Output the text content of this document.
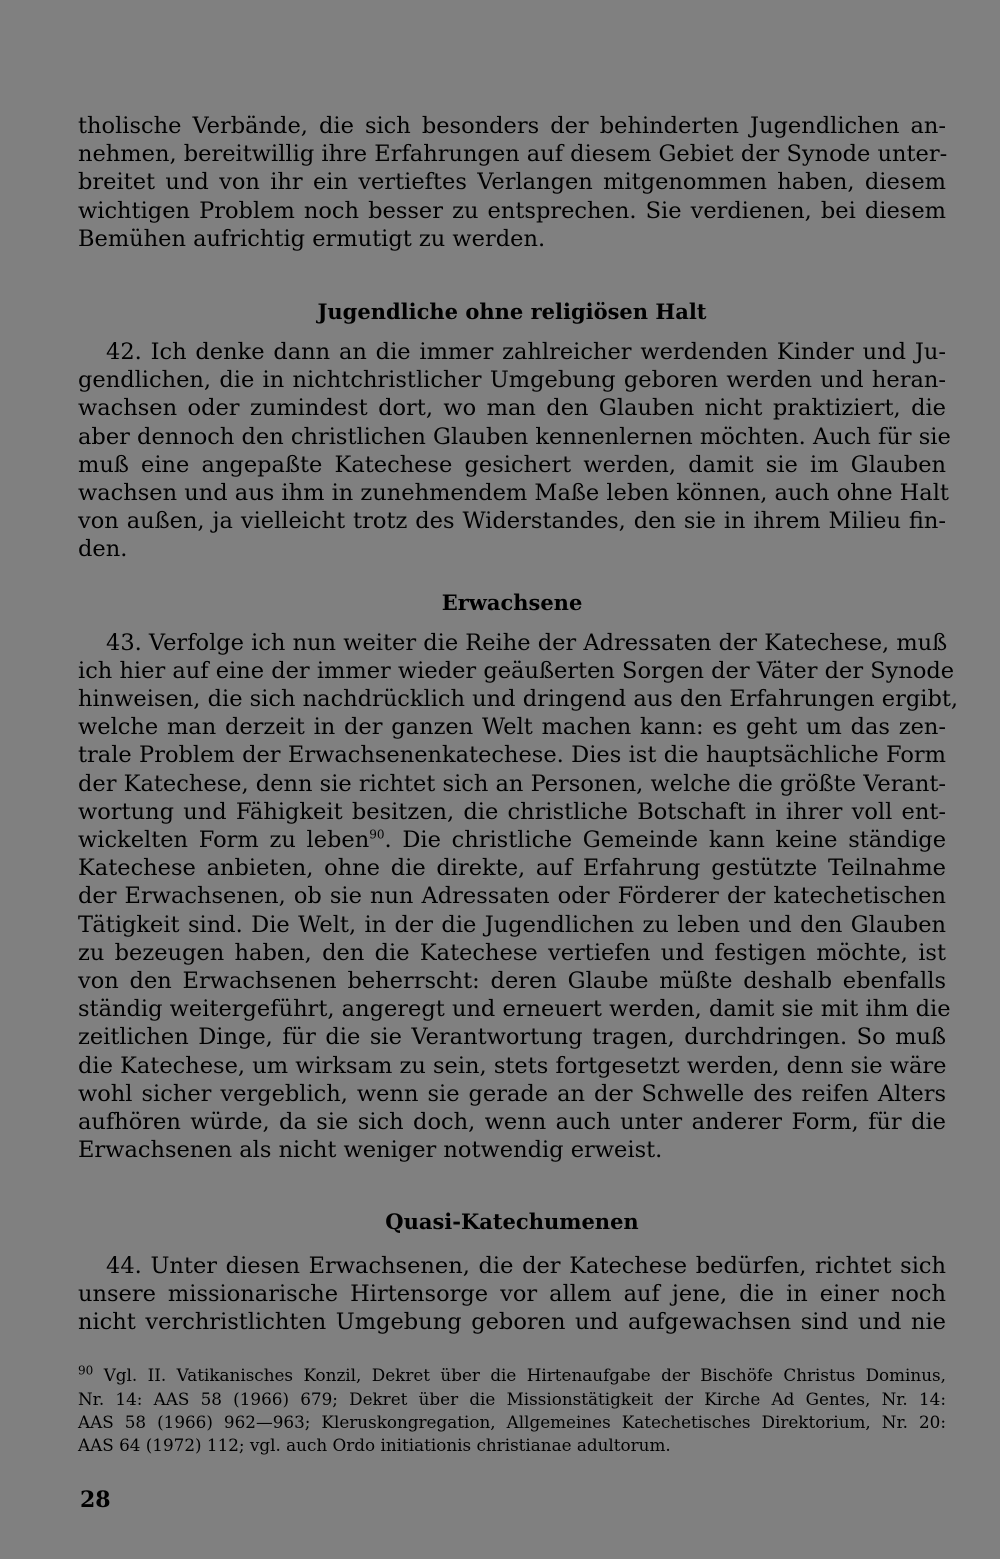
tholische Verbände, die sich besonders der behinderten Jugendlichen an-
nehmen, bereitwillig ihre Erfahrungen auf diesem Gebiet der Synode unter-
breitet und von ihr ein vertieftes Verlangen mitgenommen haben, diesem
wichtigen Problem noch besser zu entsprechen. Sie verdienen, bei diesem
Bemühen aufrichtig ermutigt zu werden.
Jugendliche ohne religiösen Halt
42. Ich denke dann an die immer zahlreicher werdenden Kinder und Ju-
gendlichen, die in nichtchristlicher Umgebung geboren werden und heran-
wachsen oder zumindest dort, wo man den Glauben nicht praktiziert, die
aber dennoch den christlichen Glauben kennenlernen möchten. Auch für sie
muß eine angepaßte Katechese gesichert werden, damit sie im Glauben
wachsen und aus ihm in zunehmendem Maße leben können, auch ohne Halt
von außen, ja vielleicht trotz des Widerstandes, den sie in ihrem Milieu fin-
den.
Erwachsene
43. Verfolge ich nun weiter die Reihe der Adressaten der Katechese, muß
ich hier auf eine der immer wieder geäußerten Sorgen der Väter der Synode
hinweisen, die sich nachdrücklich und dringend aus den Erfahrungen ergibt,
welche man derzeit in der ganzen Welt machen kann: es geht um das zen-
trale Problem der Erwachsenenkatechese. Dies ist die hauptsächliche Form
der Katechese, denn sie richtet sich an Personen, welche die größte Verant-
wortung und Fähigkeit besitzen, die christliche Botschaft in ihrer voll ent-
wickelten Form zu leben$^{90}$. Die christliche Gemeinde kann keine ständige
Katechese anbieten, ohne die direkte, auf Erfahrung gestützte Teilnahme
der Erwachsenen, ob sie nun Adressaten oder Förderer der katechetischen
Tätigkeit sind. Die Welt, in der die Jugendlichen zu leben und den Glauben
zu bezeugen haben, den die Katechese vertiefen und festigen möchte, ist
von den Erwachsenen beherrscht: deren Glaube müßte deshalb ebenfalls
ständig weitergeführt, angeregt und erneuert werden, damit sie mit ihm die
zeitlichen Dinge, für die sie Verantwortung tragen, durchdringen. So muß
die Katechese, um wirksam zu sein, stets fortgesetzt werden, denn sie wäre
wohl sicher vergeblich, wenn sie gerade an der Schwelle des reifen Alters
aufhören würde, da sie sich doch, wenn auch unter anderer Form, für die
Erwachsenen als nicht weniger notwendig erweist.
Quasi-Katechumenen
44. Unter diesen Erwachsenen, die der Katechese bedürfen, richtet sich
unsere missionarische Hirtensorge vor allem auf jene, die in einer noch
nicht verchristlichten Umgebung geboren und aufgewachsen sind und nie
$^{90}$ Vgl. II. Vatikanisches Konzil, Dekret über die Hirtenaufgabe der Bischöfe Christus Dominus,
Nr. 14: AAS 58 (1966) 679; Dekret über die Missionstätigkeit der Kirche Ad Gentes, Nr. 14:
AAS 58 (1966) 962—963; Kleruskongregation, Allgemeines Katechetisches Direktorium, Nr. 20:
AAS 64 (1972) 112; vgl. auch Ordo initiationis christianae adultorum.
28
